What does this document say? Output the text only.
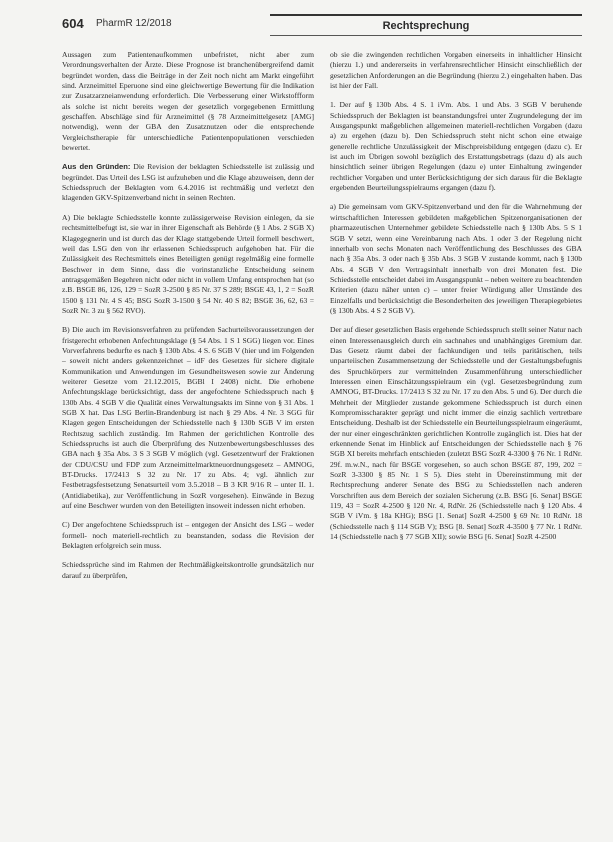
604 PharmR 12/2018	Rechtsprechung

Aussagen zum Patientenaufkommen unbefristet, nicht aber zum Verordnungsverhalten der Ärzte. Diese Prognose ist branchenübergreifend damit begründet worden, dass die Beiträge in der Zeit noch nicht am Markt eingeführt sind. Arzneimittel Eperuone sind eine gleichwertige Bewertung für die Indikation zur Zusatzarzneianwendung erforderlich. Die Verbesserung einer Wirkstoffform als solche ist nicht bereits wegen der gesetzlich vorgegebenen Ermittlung geschaffen. Abschläge sind für Arzneimittel (§ 78 Arzneimittelgesetz [AMG] notwendig), wenn der GBA den Zusatznutzen oder die entsprechende Vergleichstherapie für unterschiedliche Patientenpopulationen verschieden bewertet.

Aus den Gründen: Die Revision der beklagten Schiedsstelle ist zulässig und begründet. Das Urteil des LSG ist aufzuheben und die Klage abzuweisen, denn der Schiedsspruch der Beklagten vom 6.4.2016 ist rechtmäßig und verletzt den klagenden GKV-Spitzenverband nicht in seinen Rechten.

A) Die beklagte Schiedsstelle konnte zulässigerweise Revision einlegen, da sie rechtsmittelbefugt ist, sie war in ihrer Eigenschaft als Behörde (§ 1 Abs. 2 SGB X) Klagegegnerin und ist durch das der Klage stattgebende Urteil formell beschwert, weil das LSG den von ihr erlassenen Schiedsspruch aufgehoben hat. Für die Zulässigkeit des Rechtsmittels eines Beteiligten genügt regelmäßig eine formelle Beschwer in dem Sinne, dass die vorinstanzliche Entscheidung seinem antragsgemäßen Begehren nicht oder nicht in vollem Umfang entsprochen hat (so z.B. BSGE 86, 126, 129 = SozR 3-2500 § 85 Nr. 37 S 289; BSGE 43, 1, 2 = SozR 1500 § 131 Nr. 4 S 45; BSG SozR 3-1500 § 54 Nr. 40 S 82; BSGE 36, 62, 63 = SozR Nr. 3 zu § 562 RVO).

B) Die auch im Revisionsverfahren zu prüfenden Sachurteilsvoraussetzungen der fristgerecht erhobenen Anfechtungsklage (§ 54 Abs. 1 S 1 SGG) liegen vor. Eines Vorverfahrens bedurfte es nach § 130b Abs. 4 S. 6 SGB V (hier und im Folgenden – soweit nicht anders gekennzeichnet – idF des Gesetzes für sichere digitale Kommunikation und Anwendungen im Gesundheitswesen sowie zur Änderung weiterer Gesetze vom 21.12.2015, BGBl I 2408) nicht. Die erhobene Anfechtungsklage berücksichtigt, dass der angefochtene Schiedsspruch nach § 130b Abs. 4 SGB V die Qualität eines Verwaltungsakts im Sinne von § 31 Abs. 1 SGB X hat. Das LSG Berlin-Brandenburg ist nach § 29 Abs. 4 Nr. 3 SGG für Klagen gegen Entscheidungen der Schiedsstelle nach § 130b SGB V im ersten Rechtszug sachlich zuständig. Im Rahmen der gerichtlichen Kontrolle des Schiedsspruchs ist auch die Überprüfung des Nutzenbewertungsbeschlusses des GBA nach § 35a Abs. 3 S 3 SGB V möglich (vgl. Gesetzentwurf der Fraktionen der CDU/CSU und FDP zum Arzneimittelmarktneuordnungsgesetz – AMNOG, BT-Drucks. 17/2413 S 32 zu Nr. 17 zu Abs. 4; vgl. ähnlich zur Festbetragsfestsetzung Senatsurteil vom 3.5.2018 – B 3 KR 9/16 R – unter II. 1. (Antidiabetika), zur Veröffentlichung in SozR vorgesehen). Einwände in Bezug auf eine Beschwer wurden von den Beteiligten insoweit indessen nicht erhoben.

C) Der angefochtene Schiedsspruch ist – entgegen der Ansicht des LSG – weder formell- noch materiell-rechtlich zu beanstanden, sodass die Revision der Beklagten erfolgreich sein muss.

Schiedssprüche sind im Rahmen der Rechtmäßigkeitskontrolle grundsätzlich nur darauf zu überprüfen,

ob sie die zwingenden rechtlichen Vorgaben einerseits in inhaltlicher Hinsicht (hierzu 1.) und andererseits in verfahrensrechtlicher Hinsicht einschließlich der gesetzlichen Anforderungen an die Begründung (hierzu 2.) eingehalten haben. Das ist hier der Fall.

1. Der auf § 130b Abs. 4 S. 1 iVm. Abs. 1 und Abs. 3 SGB V beruhende Schiedsspruch der Beklagten ist beanstandungsfrei unter Zugrundelegung der im Ausgangspunkt maßgeblichen allgemeinen materiell-rechtlichen Vorgaben (dazu a) zu ergehen (dazu b). Den Schiedsspruch steht nicht schon eine etwaige generelle rechtliche Unzulässigkeit der Mischpreisbildung entgegen (dazu c). Er ist auch im Übrigen sowohl bezüglich des Erstattungsbetrags (dazu d) als auch hinsichtlich seiner übrigen Regelungen (dazu e) unter Einhaltung zwingender rechtlicher Vorgaben und unter Berücksichtigung der sich daraus für die Beklagte ergebenden Beurteilungsspielraums ergangen (dazu f).

a) Die gemeinsam vom GKV-Spitzenverband und den für die Wahrnehmung der wirtschaftlichen Interessen gebildeten maßgeblichen Spitzenorganisationen der pharmazeutischen Unternehmer gebildete Schiedsstelle nach § 130b Abs. 5 S 1 SGB V setzt, wenn eine Vereinbarung nach Abs. 1 oder 3 der Regelung nicht innerhalb von sechs Monaten nach Veröffentlichung des Beschlusses des GBA nach § 35a Abs. 3 oder nach § 35b Abs. 3 SGB V zustande kommt, nach § 130b Abs. 4 SGB V den Vertragsinhalt innerhalb von drei Monaten fest. Die Schiedsstelle entscheidet dabei im Ausgangspunkt – neben weitere zu beachtenden Kriterien (dazu näher unten c) – unter freier Würdigung aller Umstände des Einzelfalls und berücksichtigt die Besonderheiten des jeweiligen Therapiegebietes (§ 130b Abs. 4 S 2 SGB V).

Der auf dieser gesetzlichen Basis ergehende Schiedsspruch stellt seiner Natur nach einen Interessenausgleich durch ein sachnahes und unabhängiges Gremium dar. Das Gesetz räumt dabei der fachkundigen und teils paritätischen, teils unparteiischen Zusammensetzung der Schiedsstelle und der Gestaltungsbefugnis des Spruchkörpers zur vermittelnden Zusammenführung unterschiedlicher Interessen einen Einschätzungsspielraum ein (vgl. Gesetzesbegründung zum AMNOG, BT-Drucks. 17/2413 S 32 zu Nr. 17 zu den Abs. 5 und 6). Der durch die Mehrheit der Mitglieder zustande gekommene Schiedsspruch ist durch einen Kompromisscharakter geprägt und nicht immer die einzig sachlich vertretbare Entscheidung. Deshalb ist der Schiedsstelle ein Beurteilungsspielraum eingeräumt, der nur einer eingeschränkten gerichtlichen Kontrolle zugänglich ist. Dies hat der erkennende Senat im Hinblick auf Entscheidungen der Schiedsstelle nach § 76 SGB XI bereits mehrfach entschieden (zuletzt BSG SozR 4-3300 § 76 Nr. 1 RdNr. 29f. m.w.N., nach für BSGE vorgesehen, so auch schon BSGE 87, 199, 202 = SozR 3-3300 § 85 Nr. 1 S 5). Dies steht in Übereinstimmung mit der Rechtsprechung anderer Senate des BSG zu Schiedsstellen nach anderen Vorschriften aus dem Bereich der sozialen Sicherung (z.B. BSG [6. Senat] BSGE 119, 43 = SozR 4-2500 § 120 Nr. 4, RdNr. 26 (Schiedsstelle nach § 120 Abs. 4 SGB V iVm. § 18a KHG); BSG [1. Senat] SozR 4-2500 § 69 Nr. 10 RdNr. 18 (Schiedsstelle nach § 114 SGB V); BSG [8. Senat] SozR 4-3500 § 77 Nr. 1 RdNr. 14 (Schiedsstelle nach § 77 SGB XII); sowie BSG [6. Senat] SozR 4-2500
